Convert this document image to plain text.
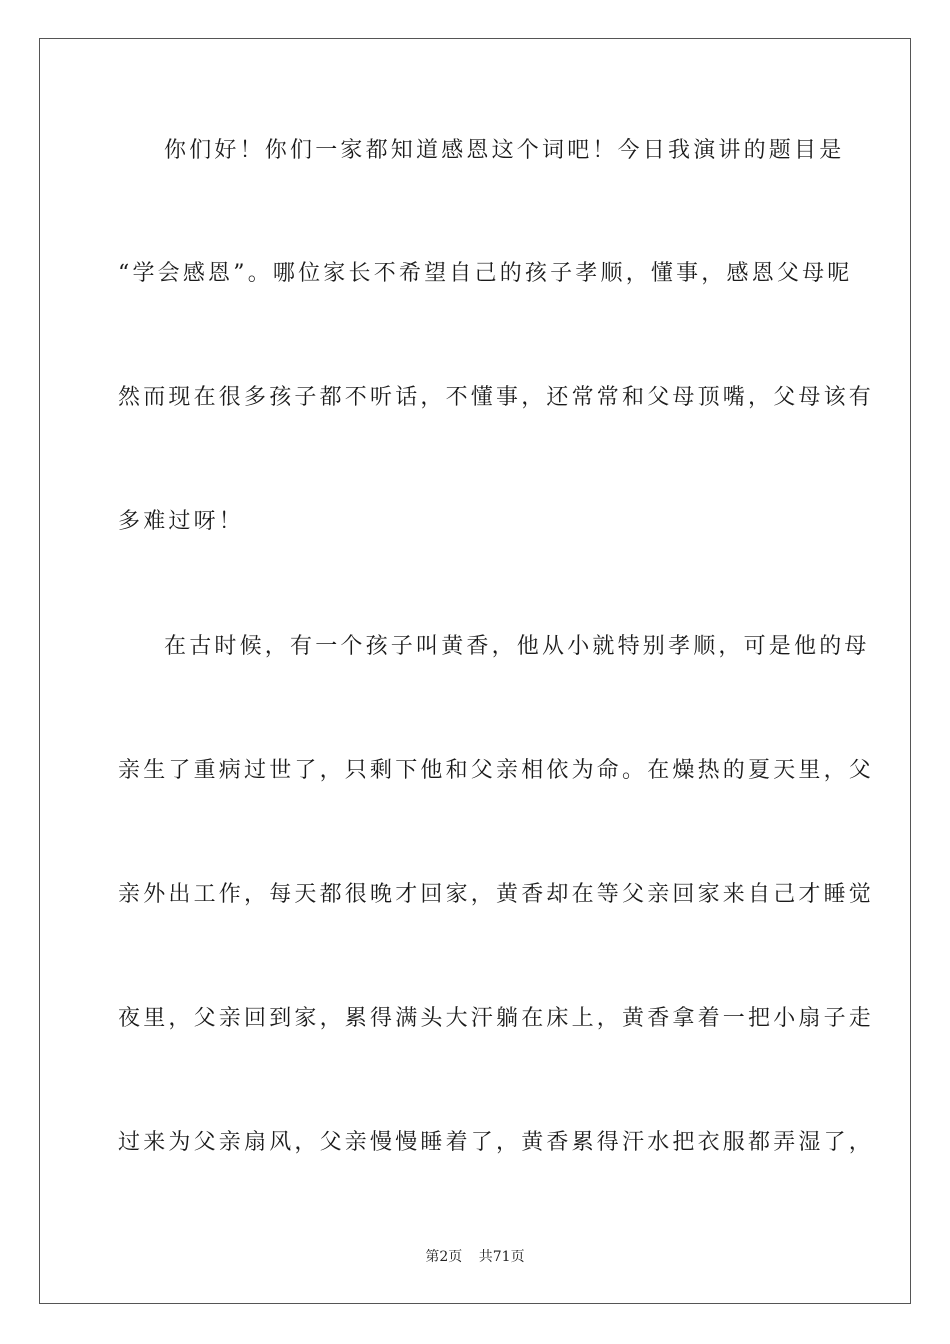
你们好！你们一家都知道感恩这个词吧！今日我演讲的题目是
“学会感恩”。哪位家长不希望自己的孩子孝顺，懂事，感恩父母呢
然而现在很多孩子都不听话，不懂事，还常常和父母顶嘴，父母该有
多难过呀！
在古时候，有一个孩子叫黄香，他从小就特别孝顺，可是他的母
亲生了重病过世了，只剩下他和父亲相依为命。在燥热的夏天里，父
亲外出工作，每天都很晚才回家，黄香却在等父亲回家来自己才睡觉
夜里，父亲回到家，累得满头大汗躺在床上，黄香拿着一把小扇子走
过来为父亲扇风，父亲慢慢睡着了，黄香累得汗水把衣服都弄湿了，
第2页 共71页
